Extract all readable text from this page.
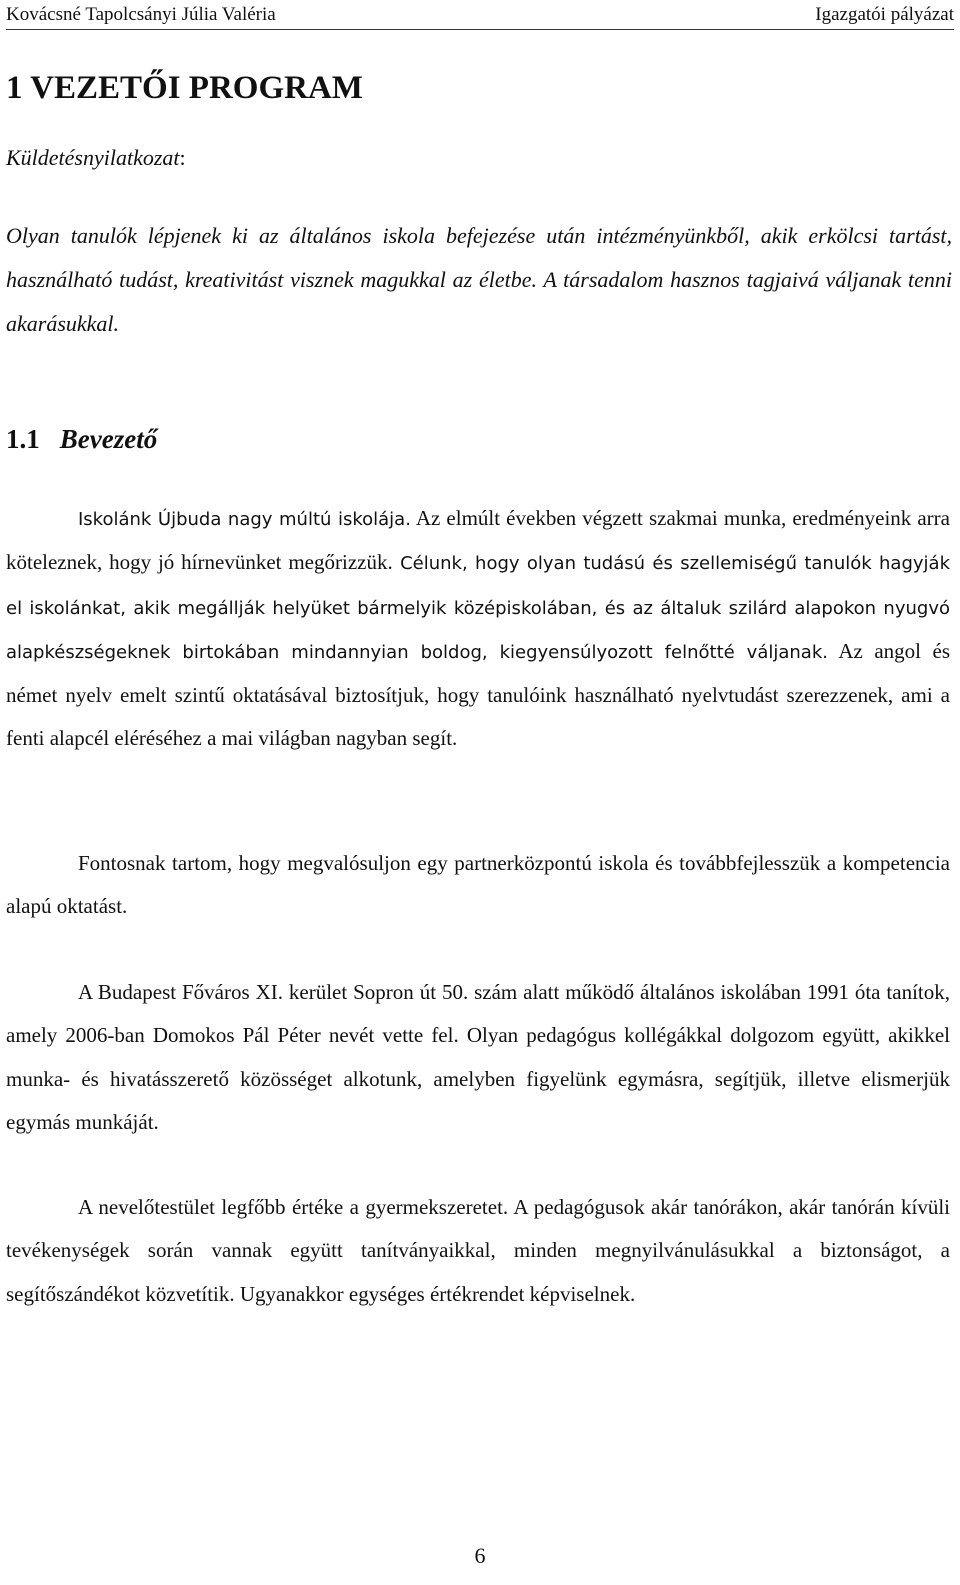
Kovácsné Tapolcsányi Júlia Valéria	Igazgatói pályázat
1 VEZETŐI PROGRAM
Küldetésnyilatkozat:
Olyan tanulók lépjenek ki az általános iskola befejezése után intézményünkből, akik erkölcsi tartást, használható tudást, kreativitást visznek magukkal az életbe. A társadalom hasznos tagjaivá váljanak tenni akarásukkal.
1.1 Bevezető
Iskolánk Újbuda nagy múltú iskolája. Az elmúlt években végzett szakmai munka, eredményeink arra köteleznek, hogy jó hírnevünket megőrizzük. Célunk, hogy olyan tudású és szellemiségű tanulók hagyják el iskolánkat, akik megállják helyüket bármelyik középiskolában, és az általuk szilárd alapokon nyugvó alapkészségeknek birtokában mindannyian boldog, kiegyensúlyozott felnőtté váljanak. Az angol és német nyelv emelt szintű oktatásával biztosítjuk, hogy tanulóink használható nyelvtudást szerezzenek, ami a fenti alapcél eléréséhez a mai világban nagyban segít.
Fontosnak tartom, hogy megvalósuljon egy partnerközpontú iskola és továbbfejlesszük a kompetencia alapú oktatást.
A Budapest Főváros XI. kerület Sopron út 50. szám alatt működő általános iskolában 1991 óta tanítok, amely 2006-ban Domokos Pál Péter nevét vette fel. Olyan pedagógus kollégákkal dolgozom együtt, akikkel munka- és hivatásszerető közösséget alkotunk, amelyben figyelünk egymásra, segítjük, illetve elismerjük egymás munkáját.
A nevelőtestület legfőbb értéke a gyermekszeretet. A pedagógusok akár tanórákon, akár tanórán kívüli tevékenységek során vannak együtt tanítványaikkal, minden megnyilvánulásukkal a biztonságot, a segítőszándékot közvetítik. Ugyanakkor egységes értékrendet képviselnek.
6
